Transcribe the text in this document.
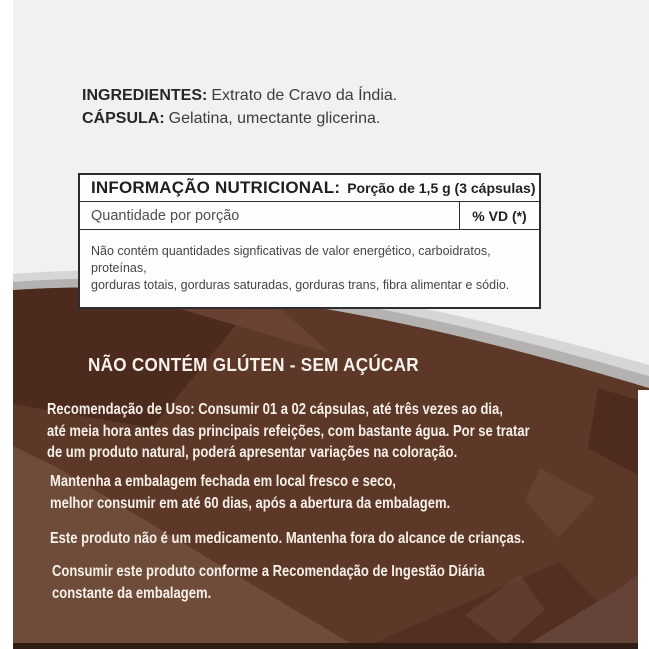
INGREDIENTES: Extrato de Cravo da Índia.
CÁPSULA: Gelatina, umectante glicerina.
INFORMAÇÃO NUTRICIONAL: Porção de 1,5 g (3 cápsulas)
Quantidade por porção	% VD (*)
Não contém quantidades signficativas de valor energético, carboidratos, proteínas,
gorduras totais, gorduras saturadas, gorduras trans, fibra alimentar e sódio.
NÃO CONTÉM GLÚTEN - SEM AÇÚCAR
Recomendação de Uso: Consumir 01 a 02 cápsulas, até três vezes ao dia,
até meia hora antes das principais refeições, com bastante água. Por se tratar
de um produto natural, poderá apresentar variações na coloração.
Mantenha a embalagem fechada em local fresco e seco,
melhor consumir em até 60 dias, após a abertura da embalagem.
Este produto não é um medicamento. Mantenha fora do alcance de crianças.
Consumir este produto conforme a Recomendação de Ingestão Diária
constante da embalagem.
